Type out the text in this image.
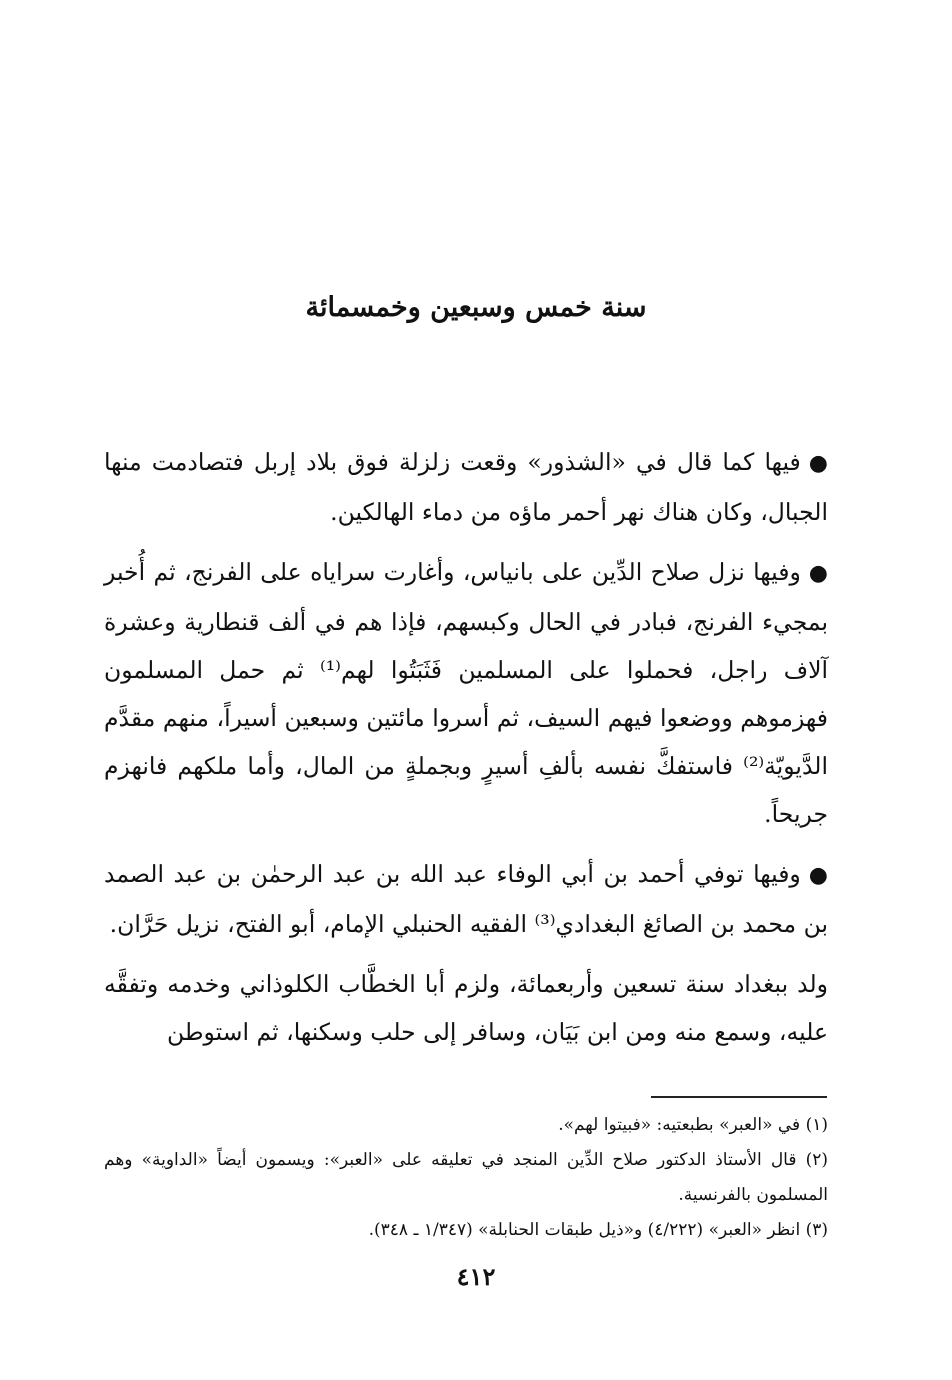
سنة خمس وسبعين وخمسمائة

●فيها كما قال في «الشذور» وقعت زلزلة فوق بلاد إربل فتصادمت منها الجبال، وكان هناك نهر أحمر ماؤه من دماء الهالكين.

●وفيها نزل صلاح الدِّين على بانياس، وأغارت سراياه على الفرنج، ثم أُخبر بمجيء الفرنج، فبادر في الحال وكبسهم، فإذا هم في ألف قنطارية وعشرة آلاف راجل، فحملوا على المسلمين فَثَبَتُوا لهم⁽¹⁾ ثم حمل المسلمون فهزموهم ووضعوا فيهم السيف، ثم أسروا مائتين وسبعين أسيراً، منهم مقدَّم الدَّيويّة⁽²⁾ فاستفكَّ نفسه بألفِ أسيرٍ وبجملةٍ من المال، وأما ملكهم فانهزم جريحاً.

●وفيها توفي أحمد بن أبي الوفاء عبد الله بن عبد الرحمٰن بن عبد الصمد بن محمد بن الصائغ البغدادي⁽³⁾ الفقيه الحنبلي الإمام، أبو الفتح، نزيل حَرَّان.

ولد ببغداد سنة تسعين وأربعمائة، ولزم أبا الخطَّاب الكلوذاني وخدمه وتفقَّه عليه، وسمع منه ومن ابن بَيَان، وسافر إلى حلب وسكنها، ثم استوطن

(١) في «العبر» بطبعتيه: «فبيتوا لهم».

(٢) قال الأستاذ الدكتور صلاح الدِّين المنجد في تعليقه على «العبر»: ويسمون أيضاً «الداوية» وهم المسلمون بالفرنسية.

(٣) انظر «العبر» (٤/٢٢٢) و«ذيل طبقات الحنابلة» (١/٣٤٧ ـ ٣٤٨).

٤١٢
